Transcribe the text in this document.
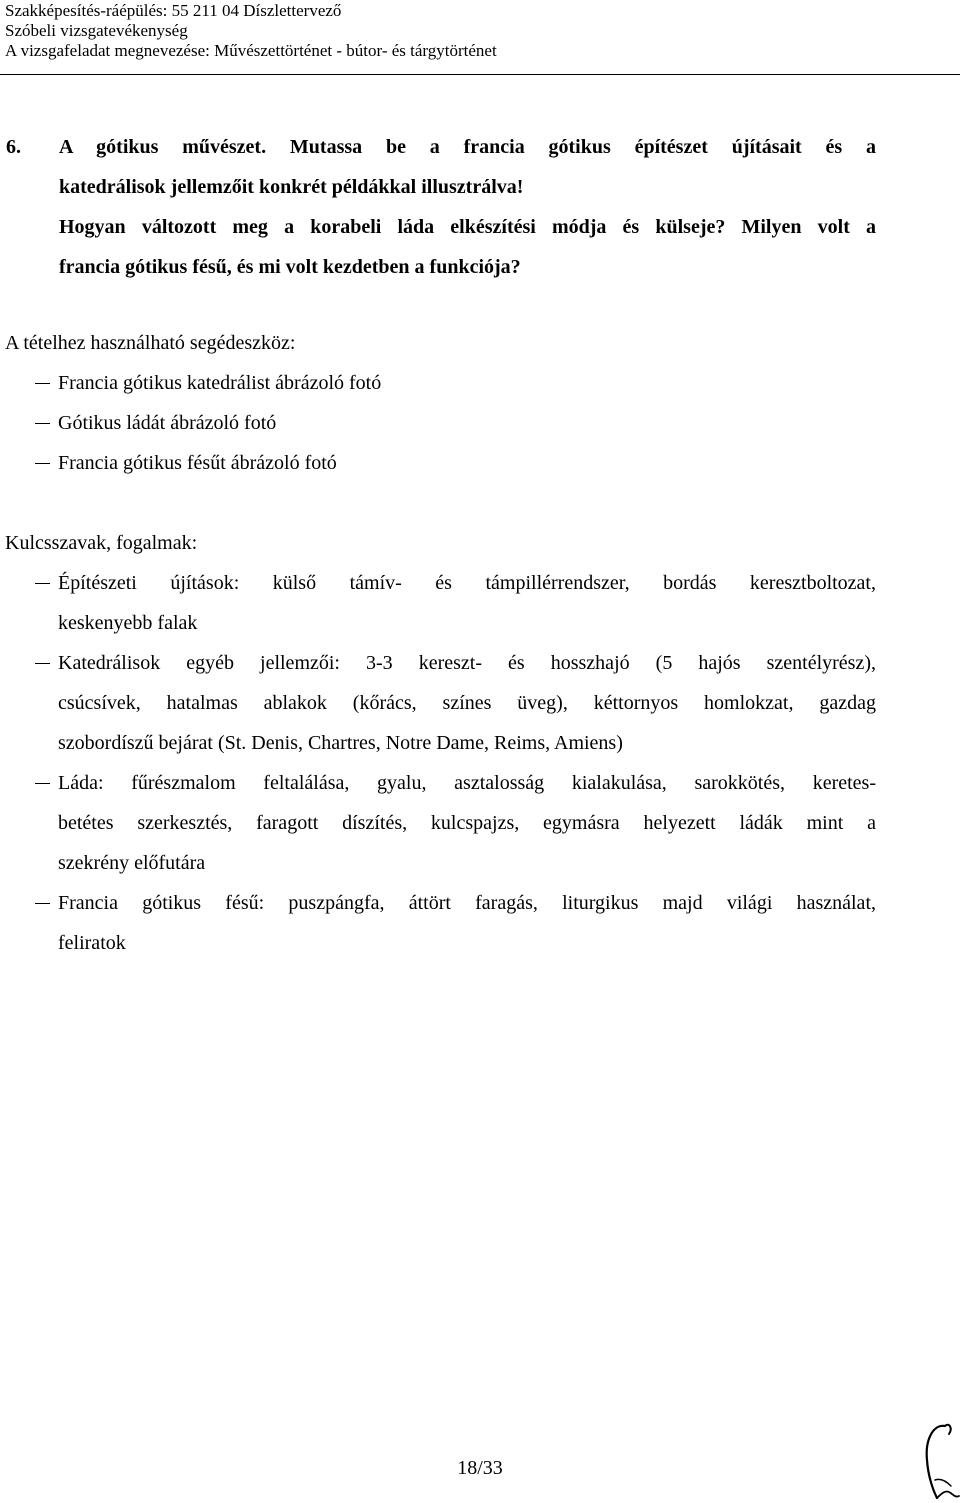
Szakképesítés-ráépülés: 55 211 04 Díszlettervező
Szóbeli vizsgatevékenység
A vizsgafeladat megnevezése: Művészettörténet - bútor- és tárgytörténet
6.	A gótikus művészet. Mutassa be a francia gótikus építészet újításait és a
katedrálisok jellemzőit konkrét példákkal illusztrálva!
Hogyan változott meg a korabeli láda elkészítési módja és külseje? Milyen volt a
francia gótikus fésű, és mi volt kezdetben a funkciója?
A tételhez használható segédeszköz:
Francia gótikus katedrálist ábrázoló fotó
Gótikus ládát ábrázoló fotó
Francia gótikus fésűt ábrázoló fotó
Kulcsszavak, fogalmak:
Építészeti újítások: külső támív- és támpillérrendszer, bordás keresztboltozat,
keskenyebb falak
Katedrálisok egyéb jellemzői: 3-3 kereszt- és hosszhajó (5 hajós szentélyrész),
csúcsívek, hatalmas ablakok (kőrács, színes üveg), kéttornyos homlokzat, gazdag
szobordíszű bejárat (St. Denis, Chartres, Notre Dame, Reims, Amiens)
Láda: fűrészmalom feltalálása, gyalu, asztalosság kialakulása, sarokkötés, keretes-
betétes szerkesztés, faragott díszítés, kulcspajzs, egymásra helyezett ládák mint a
szekrény előfutára
Francia gótikus fésű: puszpángfa, áttört faragás, liturgikus majd világi használat,
feliratok
18/33
